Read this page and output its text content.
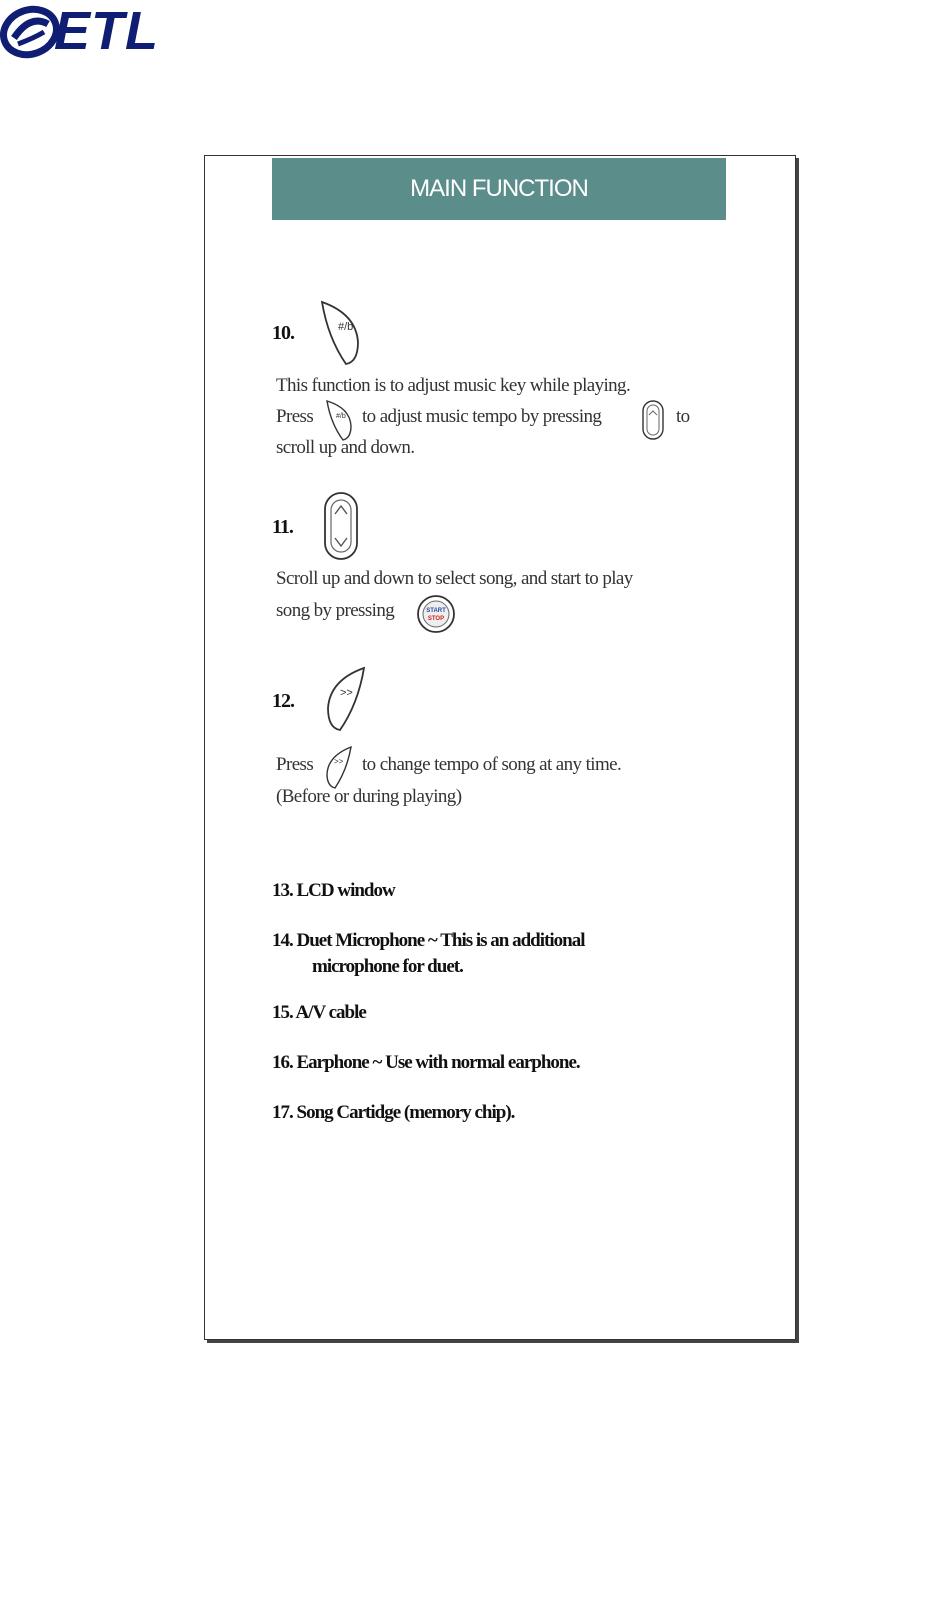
ETL
MAIN FUNCTION
10.	#/b
This function is to adjust music key while playing.
Press	#/b to adjust music tempo by pressing	to
scroll up and down.
11.
Scroll up and down to select song, and start to play
song by pressing	START
STOP
12.	>>
Press	>> to change tempo of song at any time.
(Before or during playing)
13. LCD window
14. Duet Microphone ~ This is an additional
microphone for duet.
15. A/V cable
16. Earphone ~ Use with normal earphone.
17. Song Cartidge (memory chip).
